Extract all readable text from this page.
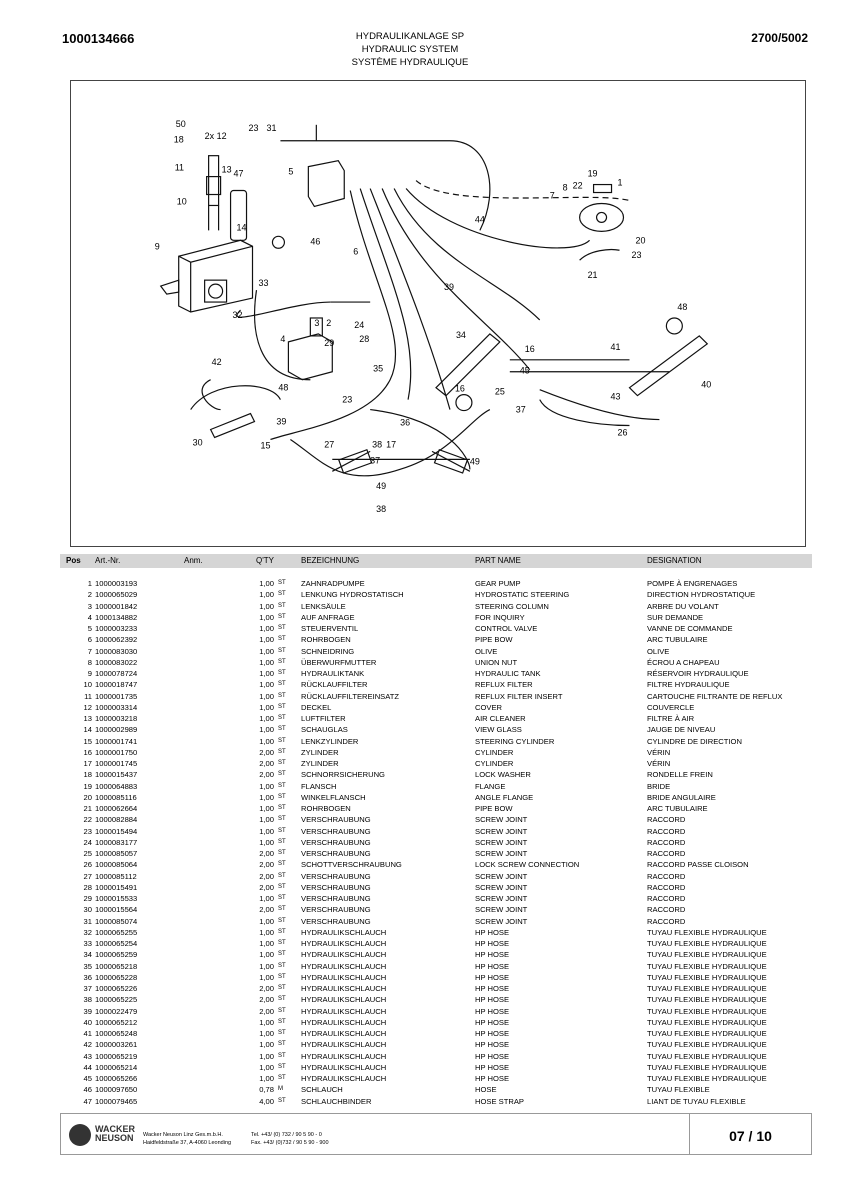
1000134666	HYDRAULIKANLAGE SP
HYDRAULIC SYSTEM
SYSTÈME HYDRAULIQUE
2700/5002
50
18 2x 12
23 31
11	13 47
10
5
44
7
8 22
19
1
14
9	46
6
20
23
21
33	39
32
3 2	24
48
4	29	28	34
16	41
42
35	45
25	43
40
16
48
23
37
26
39	36
30	15	27	38 17
37	49
38
49
Pos Art.-Nr.	Anm.	Q'TY	BEZEICHNUNG	PART NAME	DESIGNATION
1 1000003193	1,00 ST ZAHNRADPUMPE	GEAR PUMP	POMPE À ENGRENAGES
2 1000065029	1,00 ST LENKUNG HYDROSTATISCH	HYDROSTATIC STEERING	DIRECTION HYDROSTATIQUE
3 1000001842	1,00 ST LENKSÄULE	STEERING COLUMN	ARBRE DU VOLANT
4 1000134882	1,00 ST AUF ANFRAGE	FOR INQUIRY	SUR DEMANDE
5 1000003233	1,00 ST STEUERVENTIL	CONTROL VALVE	VANNE DE COMMANDE
6 1000062392	1,00 ST ROHRBOGEN	PIPE BOW	ARC TUBULAIRE
7 1000083030	1,00 ST SCHNEIDRING	OLIVE	OLIVE
8 1000083022	1,00 ST ÜBERWURFMUTTER	UNION NUT	ÉCROU A CHAPEAU
9 1000078724	1,00 ST HYDRAULIKTANK	HYDRAULIC TANK	RÉSERVOIR HYDRAULIQUE
10 1000018747	1,00 ST RÜCKLAUFFILTER	REFLUX FILTER	FILTRE HYDRAULIQUE
11 1000001735	1,00 ST RÜCKLAUFFILTEREINSATZ	REFLUX FILTER INSERT	CARTOUCHE FILTRANTE DE REFLUX
12 1000003314	1,00 ST DECKEL	COVER	COUVERCLE
13 1000003218	1,00 ST LUFTFILTER	AIR CLEANER	FILTRE À AIR
14 1000002989	1,00 ST SCHAUGLAS	VIEW GLASS	JAUGE DE NIVEAU
15 1000001741	1,00 ST LENKZYLINDER	STEERING CYLINDER	CYLINDRE DE DIRECTION
16 1000001750	2,00 ST ZYLINDER	CYLINDER	VÉRIN
17 1000001745	2,00 ST ZYLINDER	CYLINDER	VÉRIN
18 1000015437	2,00 ST SCHNORRSICHERUNG	LOCK WASHER	RONDELLE FREIN
19 1000064883	1,00 ST FLANSCH	FLANGE	BRIDE
20 1000085116	1,00 ST WINKELFLANSCH	ANGLE FLANGE	BRIDE ANGULAIRE
21 1000062664	1,00 ST ROHRBOGEN	PIPE BOW	ARC TUBULAIRE
22 1000082884	1,00 ST VERSCHRAUBUNG	SCREW JOINT	RACCORD
23 1000015494	1,00 ST VERSCHRAUBUNG	SCREW JOINT	RACCORD
24 1000083177	1,00 ST VERSCHRAUBUNG	SCREW JOINT	RACCORD
25 1000085057	2,00 ST VERSCHRAUBUNG	SCREW JOINT	RACCORD
26 1000085064	2,00 ST SCHOTTVERSCHRAUBUNG	LOCK SCREW CONNECTION	RACCORD PASSE CLOISON
27 1000085112	2,00 ST VERSCHRAUBUNG	SCREW JOINT	RACCORD
28 1000015491	2,00 ST VERSCHRAUBUNG	SCREW JOINT	RACCORD
29 1000015533	1,00 ST VERSCHRAUBUNG	SCREW JOINT	RACCORD
30 1000015564	2,00 ST VERSCHRAUBUNG	SCREW JOINT	RACCORD
31 1000085074	1,00 ST VERSCHRAUBUNG	SCREW JOINT	RACCORD
32 1000065255	1,00 ST HYDRAULIKSCHLAUCH	HP HOSE	TUYAU FLEXIBLE HYDRAULIQUE
33 1000065254	1,00 ST HYDRAULIKSCHLAUCH	HP HOSE	TUYAU FLEXIBLE HYDRAULIQUE
34 1000065259	1,00 ST HYDRAULIKSCHLAUCH	HP HOSE	TUYAU FLEXIBLE HYDRAULIQUE
35 1000065218	1,00 ST HYDRAULIKSCHLAUCH	HP HOSE	TUYAU FLEXIBLE HYDRAULIQUE
36 1000065228	1,00 ST HYDRAULIKSCHLAUCH	HP HOSE	TUYAU FLEXIBLE HYDRAULIQUE
37 1000065226	2,00 ST HYDRAULIKSCHLAUCH	HP HOSE	TUYAU FLEXIBLE HYDRAULIQUE
38 1000065225	2,00 ST HYDRAULIKSCHLAUCH	HP HOSE	TUYAU FLEXIBLE HYDRAULIQUE
39 1000022479	2,00 ST HYDRAULIKSCHLAUCH	HP HOSE	TUYAU FLEXIBLE HYDRAULIQUE
40 1000065212	1,00 ST HYDRAULIKSCHLAUCH	HP HOSE	TUYAU FLEXIBLE HYDRAULIQUE
41 1000065248	1,00 ST HYDRAULIKSCHLAUCH	HP HOSE	TUYAU FLEXIBLE HYDRAULIQUE
42 1000003261	1,00 ST HYDRAULIKSCHLAUCH	HP HOSE	TUYAU FLEXIBLE HYDRAULIQUE
43 1000065219	1,00 ST HYDRAULIKSCHLAUCH	HP HOSE	TUYAU FLEXIBLE HYDRAULIQUE
44 1000065214	1,00 ST HYDRAULIKSCHLAUCH	HP HOSE	TUYAU FLEXIBLE HYDRAULIQUE
45 1000065266	1,00 ST HYDRAULIKSCHLAUCH	HP HOSE	TUYAU FLEXIBLE HYDRAULIQUE
46 1000097650	0,78 M SCHLAUCH	HOSE	TUYAU FLEXIBLE
47 1000079465	4,00 ST SCHLAUCHBINDER	HOSE STRAP	LIANT DE TUYAU FLEXIBLE
WACKER
NEUSON Wacker Neuson Linz Ges.m.b.H.
Haidfeldstraße 37, A-4060 Leonding
Tel. +43/ (0) 732 / 90 5 90 - 0
Fax. +43/ (0)732 / 90 5 90 - 900	07 / 10
